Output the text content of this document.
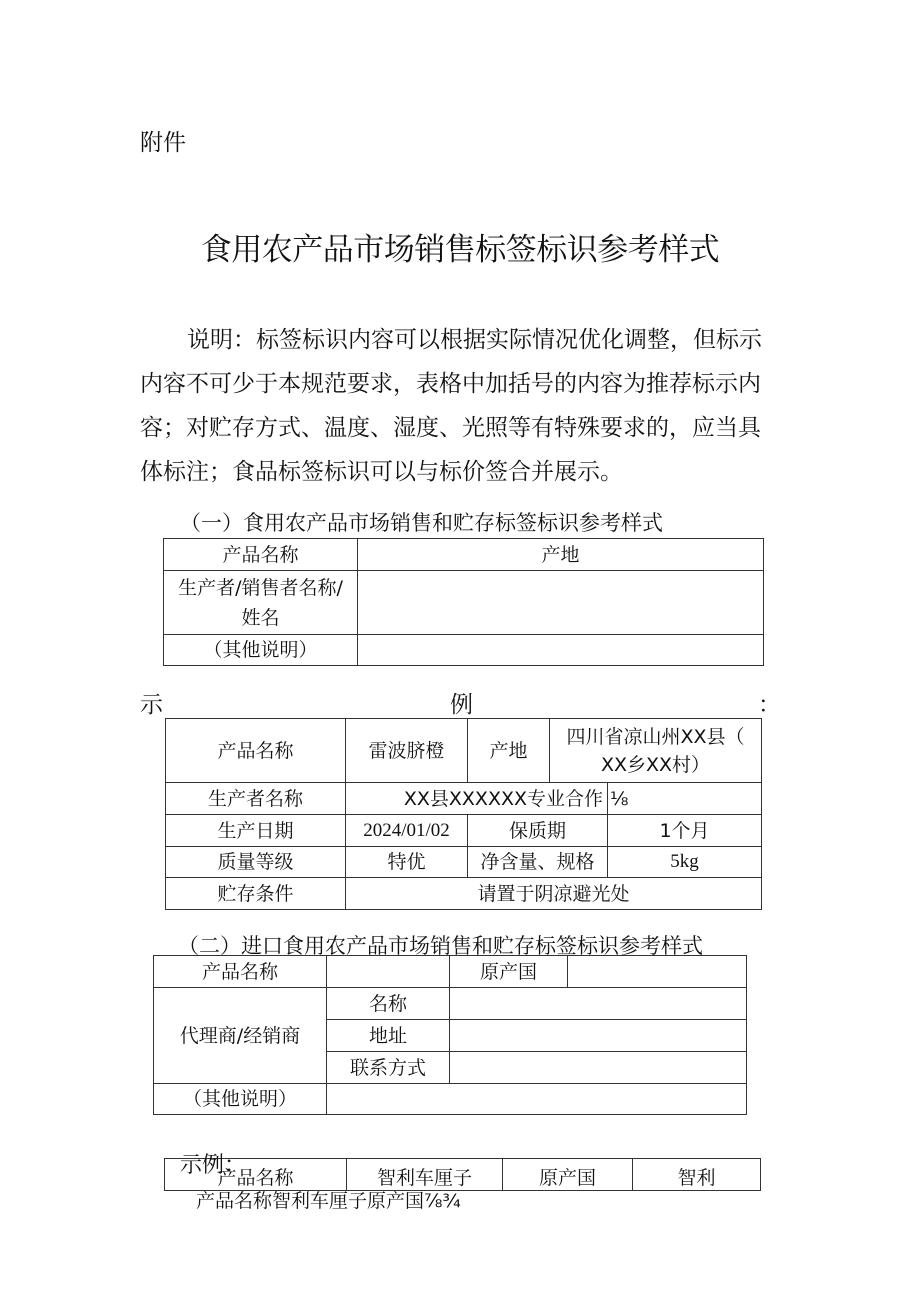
附件
食用农产品市场销售标签标识参考样式
说明：标签标识内容可以根据实际情况优化调整，但标示
内容不可少于本规范要求，表格中加括号的内容为推荐标示内
容；对贮存方式、温度、湿度、光照等有特殊要求的，应当具
体标注；食品标签标识可以与标价签合并展示。
（一）食用农产品市场销售和贮存标签标识参考样式
产品名称	产地

生产者/销售者名称/
姓名	

（其他说明）	
示	例	：
产品名称	雷波脐橙	产地	四川省凉山州XX县（
XX乡XX村）	

生产者名称	XX县XXXXXX专业合作			⅛
生产日期	2024/01/02	保质期		1个月
质量等级	特优	净含量、规格		5kg
贮存条件	请置于阴凉避光处			
（二）进口食用农产品市场销售和贮存标签标识参考样式
产品名称		原产国	
代理商/经销商	名称		
	地址		
	联系方式		
（其他说明）			
产品名称	智利车厘子	原产国	智利
示例：
产品名称智利车厘子原产国⅞¾
